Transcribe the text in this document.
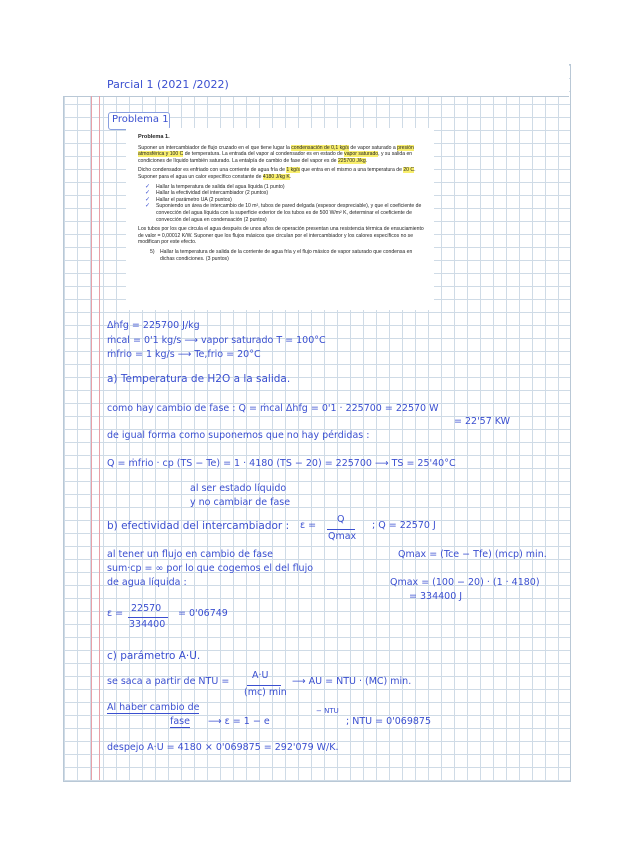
Parcial 1 (2021 /2022)
Problema 1

Problema 1.

Suponer un intercambiador de flujo cruzado en el que tiene lugar la condensación de 0,1 kg/s de vapor saturado a presión atmosférica y 100 C de temperatura. La entrada del vapor al condensador es en estado de vapor saturado, y su salida en condiciones de líquido también saturado. La entalpía de cambio de fase del vapor es de 225700 J/kg.

Dicho condensador es enfriado con una corriente de agua fría de 1 kg/s que entra en el mismo a una temperatura de 20 C. Suponer para el agua un calor específico constante de 4180 J/kg K.

✓ Hallar la temperatura de salida del agua líquida (1 punto)
✓ Hallar la efectividad del intercambiador (2 puntos)
✓ Hallar el parámetro UA (2 puntos)
✓ Suponiendo un área de intercambio de 10 m², tubos de pared delgada (espesor despreciable), y que el coeficiente de convección del agua líquida con la superficie exterior de los tubos es de 500 W/m² K, determinar el coeficiente de convección del agua en condensación (2 puntos)

Los tubos por los que circula el agua después de unos años de operación presentan una resistencia térmica de ensuciamiento de valor = 0,00012 K/W. Suponer que los flujos másicos que circulan por el intercambiador y los calores específicos no se modifican por este efecto.

5) Hallar la temperatura de salida de la corriente de agua fría y el flujo másico de vapor saturado que condensa en dichas condiciones. (3 puntos)

Δhfg = 225700 J/kg
ṁcal = 0'1 kg/s ⟶ vapor saturado T = 100°C
ṁfrio = 1 kg/s ⟶ Te,frio = 20°C
a) Temperatura de H2O a la salida.
como hay cambio de fase : Q = ṁcal Δhfg = 0'1 · 225700 = 22570 W
= 22'57 KW
de igual forma como suponemos que no hay pérdidas :
Q = ṁfrio · cp (TS − Te) = 1 · 4180 (TS − 20) = 225700 ⟶ TS = 25'40°C
al ser estado líquido
y no cambiar de fase
b) efectividad del intercambiador : ε =
Q
Qmax
; Q = 22570 J
al tener un flujo en cambio de fase	Qmax = (Tce − Tfe) (mcp) min.
sum·cp = ∞ por lo que cogemos el del flujo
de agua líquida :	Qmax = (100 − 20) · (1 · 4180)
= 334400 J
ε = 22570
334400
= 0'06749
c) parámetro A·U.
se saca a partir de NTU =
A·U
(mc) min
⟶ AU = NTU · (MC) min.
Al haber cambio de
fase ⟶ ε = 1 − e
− NTU
; NTU = 0'069875
despejo A·U = 4180 × 0'069875 = 292'079 W/K.
